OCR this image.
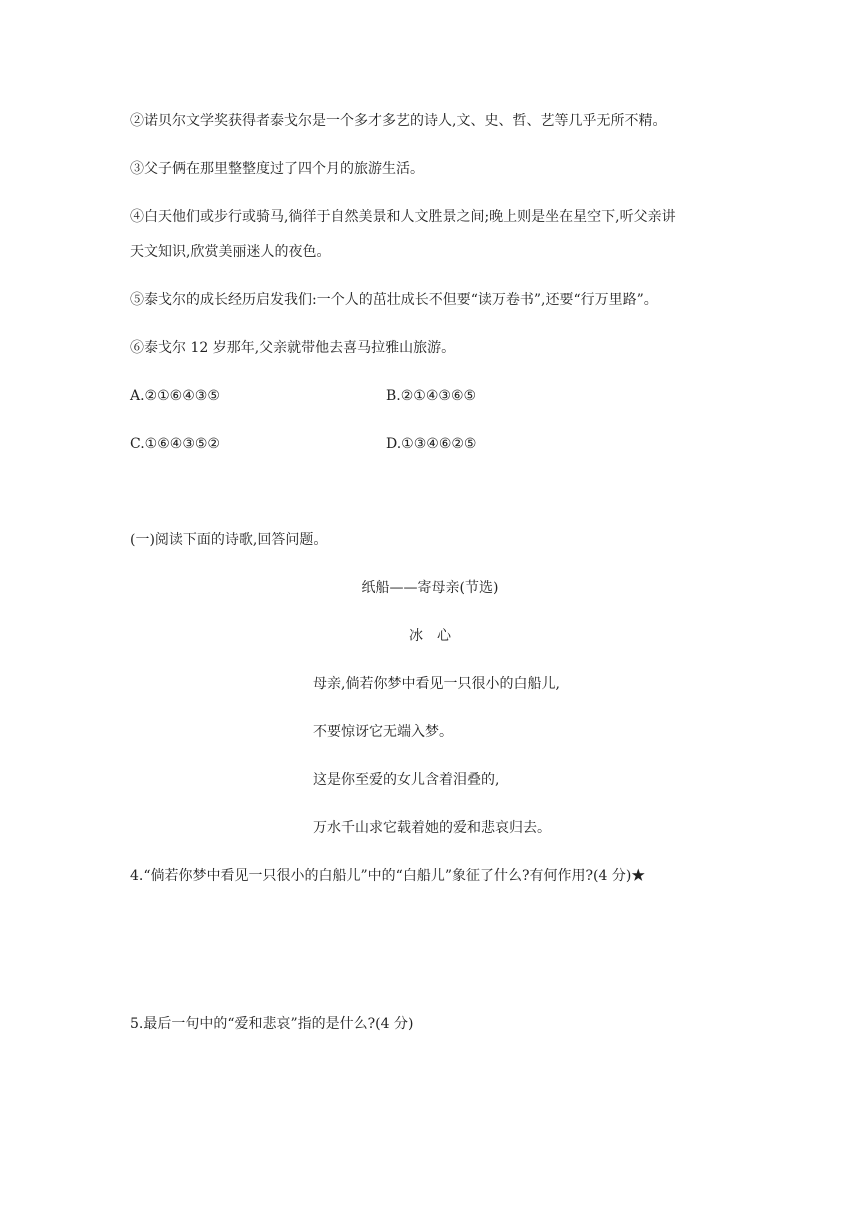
②诺贝尔文学奖获得者泰戈尔是一个多才多艺的诗人,文、史、哲、艺等几乎无所不精。
③父子俩在那里整整度过了四个月的旅游生活。
④白天他们或步行或骑马,徜徉于自然美景和人文胜景之间;晚上则是坐在星空下,听父亲讲
天文知识,欣赏美丽迷人的夜色。
⑤泰戈尔的成长经历启发我们:一个人的茁壮成长不但要“读万卷书”,还要“行万里路”。
⑥泰戈尔 12 岁那年,父亲就带他去喜马拉雅山旅游。
A.②①⑥④③⑤	B.②①④③⑥⑤
C.①⑥④③⑤②	D.①③④⑥②⑤
(一)阅读下面的诗歌,回答问题。
纸船——寄母亲(节选)
冰　心
母亲,倘若你梦中看见一只很小的白船儿,
不要惊讶它无端入梦。
这是你至爱的女儿含着泪叠的,
万水千山求它载着她的爱和悲哀归去。
4.“倘若你梦中看见一只很小的白船儿”中的“白船儿”象征了什么?有何作用?(4 分)★
5.最后一句中的“爱和悲哀”指的是什么?(4 分)
